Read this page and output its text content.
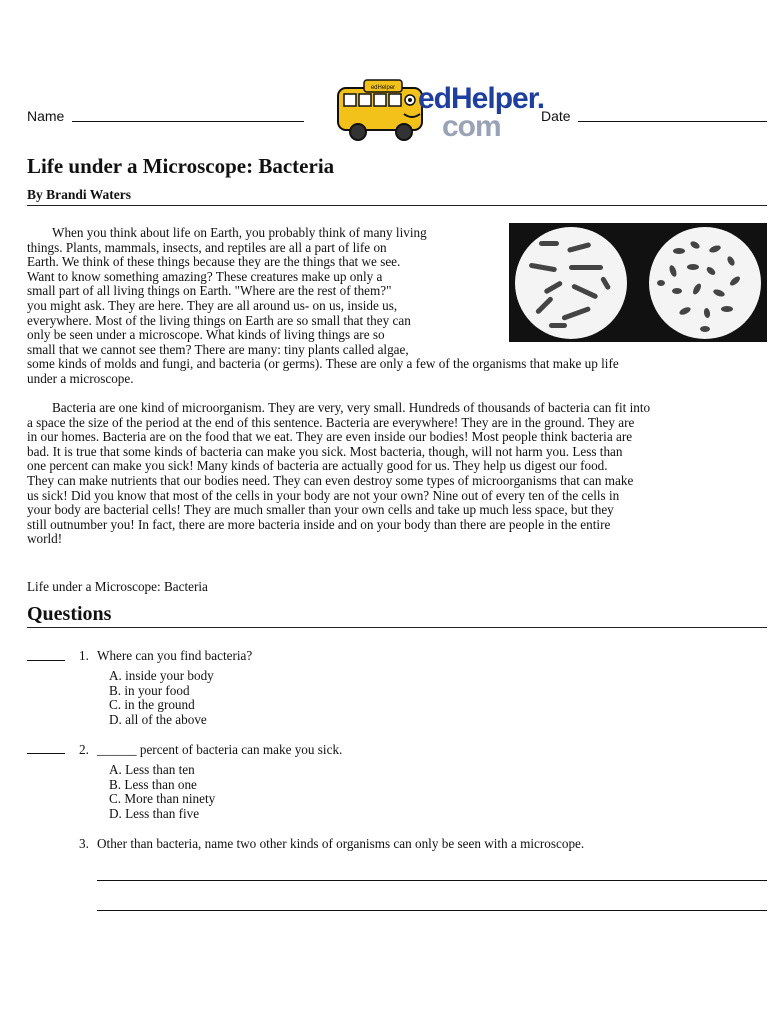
Name	Date
edHelper edHelper.
com
Life under a Microscope: Bacteria
By Brandi Waters
When you think about life on Earth, you probably think of many living
things. Plants, mammals, insects, and reptiles are all a part of life on
Earth. We think of these things because they are the things that we see.
Want to know something amazing? These creatures make up only a
small part of all living things on Earth. "Where are the rest of them?"
you might ask. They are here. They are all around us- on us, inside us,
everywhere. Most of the living things on Earth are so small that they can
only be seen under a microscope. What kinds of living things are so
small that we cannot see them? There are many: tiny plants called algae,
some kinds of molds and fungi, and bacteria (or germs). These are only a few of the organisms that make up life
under a microscope.
Bacteria are one kind of microorganism. They are very, very small. Hundreds of thousands of bacteria can fit into
a space the size of the period at the end of this sentence. Bacteria are everywhere! They are in the ground. They are
in our homes. Bacteria are on the food that we eat. They are even inside our bodies! Most people think bacteria are
bad. It is true that some kinds of bacteria can make you sick. Most bacteria, though, will not harm you. Less than
one percent can make you sick! Many kinds of bacteria are actually good for us. They help us digest our food.
They can make nutrients that our bodies need. They can even destroy some types of microorganisms that can make
us sick! Did you know that most of the cells in your body are not your own? Nine out of every ten of the cells in
your body are bacterial cells! They are much smaller than your own cells and take up much less space, but they
still outnumber you! In fact, there are more bacteria inside and on your body than there are people in the entire
world!
Life under a Microscope: Bacteria
Questions
1. Where can you find bacteria?
A. inside your body
B. in your food
C. in the ground
D. all of the above
2. ______ percent of bacteria can make you sick.
A. Less than ten
B. Less than one
C. More than ninety
D. Less than five
3. Other than bacteria, name two other kinds of organisms can only be seen with a microscope.
